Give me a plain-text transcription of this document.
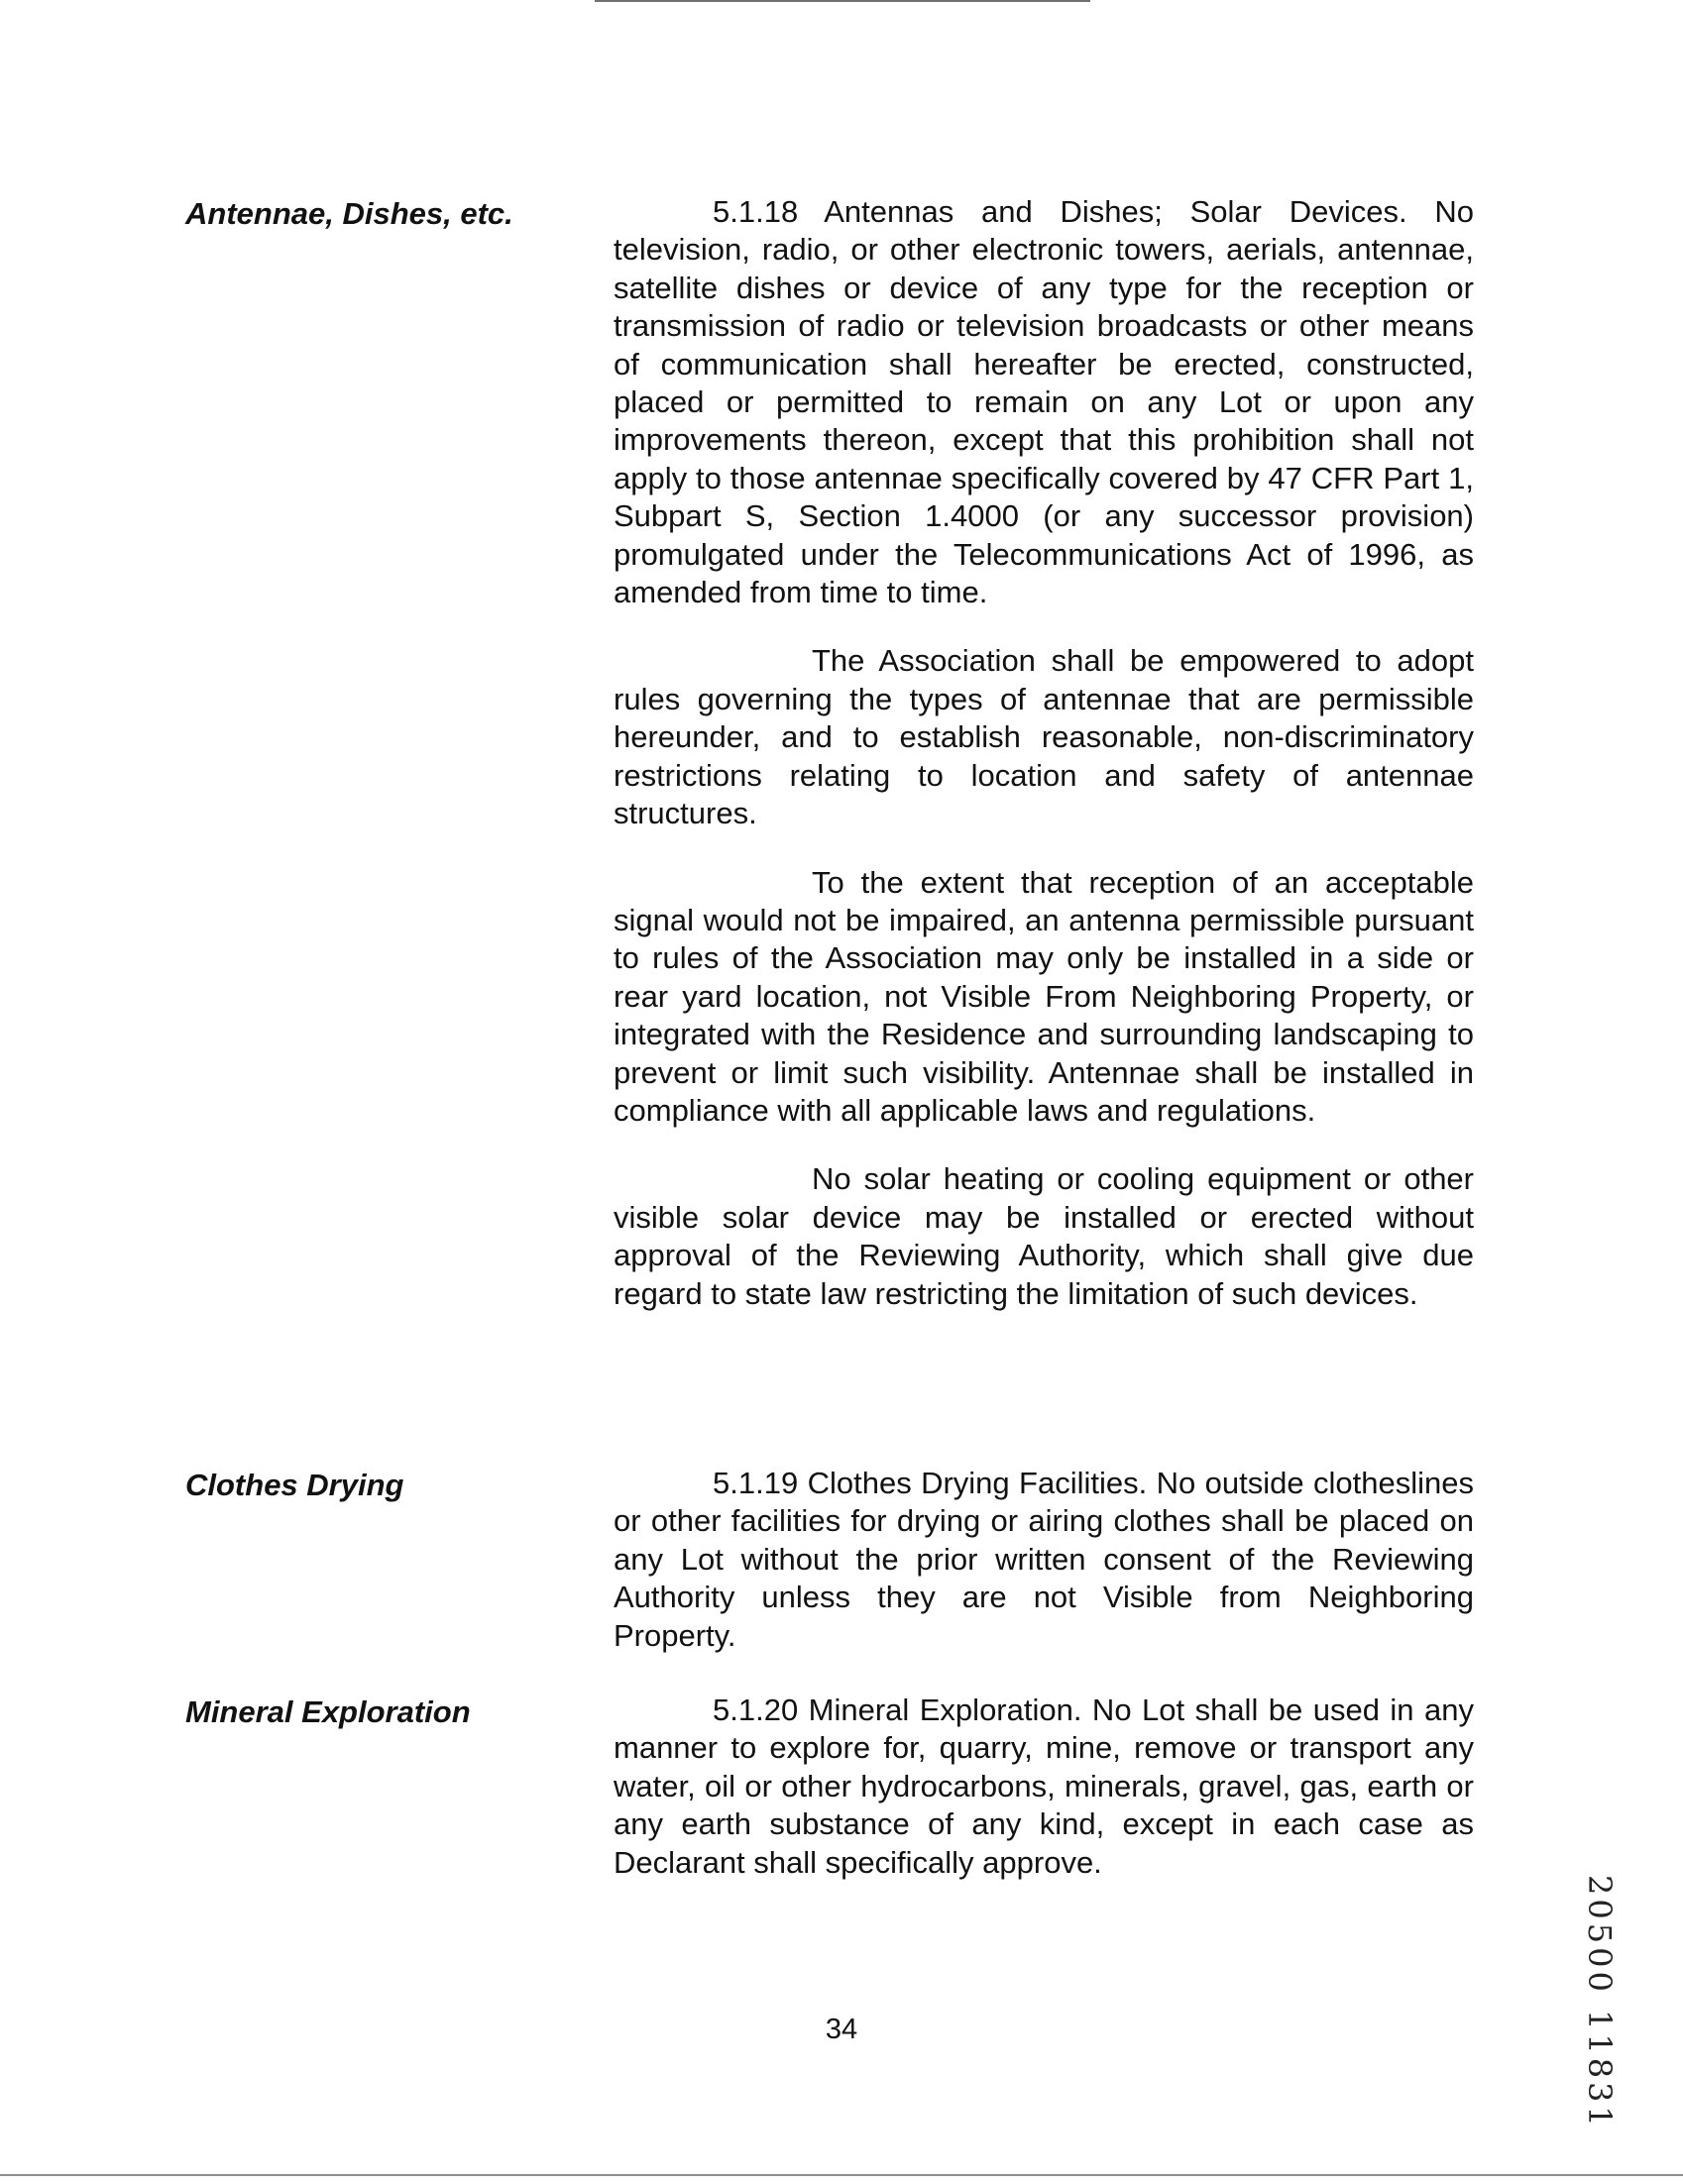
Antennae, Dishes, etc.	5.1.18 Antennas and Dishes; Solar Devices. No television, radio, or other electronic towers, aerials, antennae, satellite dishes or device of any type for the reception or transmission of radio or television broadcasts or other means of communication shall hereafter be erected, constructed, placed or permitted to remain on any Lot or upon any improvements thereon, except that this prohibition shall not apply to those antennae specifically covered by 47 CFR Part 1, Subpart S, Section 1.4000 (or any successor provision) promulgated under the Telecommunications Act of 1996, as amended from time to time.

The Association shall be empowered to adopt rules governing the types of antennae that are permissible hereunder, and to establish reasonable, non-discriminatory restrictions relating to location and safety of antennae structures.

To the extent that reception of an acceptable signal would not be impaired, an antenna permissible pursuant to rules of the Association may only be installed in a side or rear yard location, not Visible From Neighboring Property, or integrated with the Residence and surrounding landscaping to prevent or limit such visibility. Antennae shall be installed in compliance with all applicable laws and regulations.

No solar heating or cooling equipment or other visible solar device may be installed or erected without approval of the Reviewing Authority, which shall give due regard to state law restricting the limitation of such devices.

Clothes Drying	5.1.19 Clothes Drying Facilities. No outside clotheslines or other facilities for drying or airing clothes shall be placed on any Lot without the prior written consent of the Reviewing Authority unless they are not Visible from Neighboring Property.

Mineral Exploration	5.1.20 Mineral Exploration. No Lot shall be used in any manner to explore for, quarry, mine, remove or transport any water, oil or other hydrocarbons, minerals, gravel, gas, earth or any earth substance of any kind, except in each case as Declarant shall specifically approve.

34	20500 11831
